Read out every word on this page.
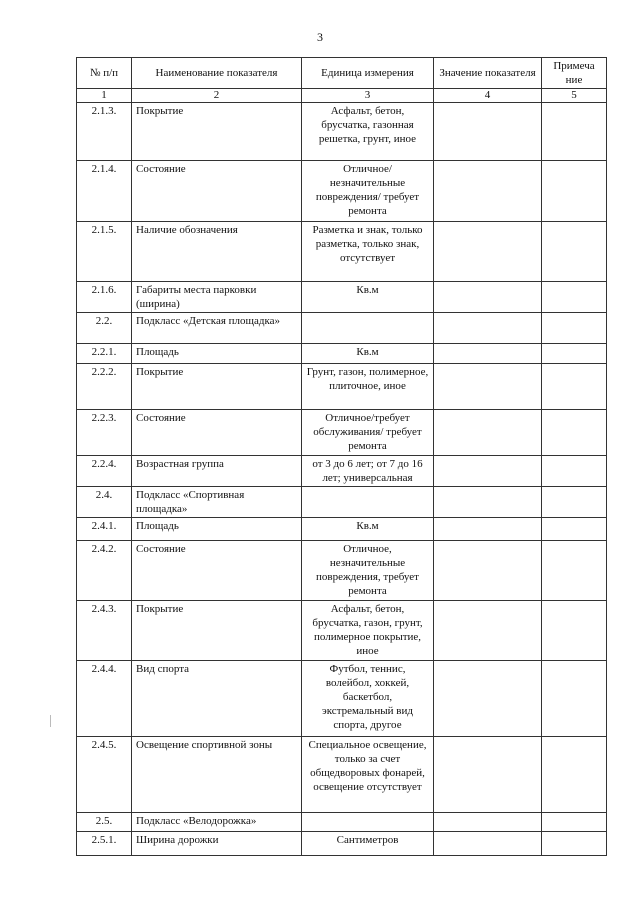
3
№ п/п	Наименование показателя	Единица измерения	Значение показателя	Примеча ние
1	2	3	4	5
2.1.3.	Покрытие	Асфальт, бетон, брусчатка, газонная решетка, грунт, иное		
2.1.4.	Состояние	Отличное/ незначительные повреждения/ требует ремонта		
2.1.5.	Наличие обозначения	Разметка и знак, только разметка, только знак, отсутствует		
2.1.6.	Габариты места парковки (ширина)	Кв.м		
2.2.	Подкласс «Детская площадка»			
2.2.1.	Площадь	Кв.м		
2.2.2.	Покрытие	Грунт, газон, полимерное, плиточное, иное		
2.2.3.	Состояние	Отличное/требует обслуживания/ требует ремонта		
2.2.4.	Возрастная группа	от 3 до 6 лет; от 7 до 16 лет; универсальная		
2.4.	Подкласс «Спортивная площадка»			
2.4.1.	Площадь	Кв.м		
2.4.2.	Состояние	Отличное, незначительные повреждения, требует ремонта		
2.4.3.	Покрытие	Асфальт, бетон, брусчатка, газон, грунт, полимерное покрытие, иное		
2.4.4.	Вид спорта	Футбол, теннис, волейбол, хоккей, баскетбол, экстремальный вид спорта, другое		
2.4.5.	Освещение спортивной зоны	Специальное освещение, только за счет общедворовых фонарей, освещение отсутствует		
2.5.	Подкласс «Велодорожка»			
2.5.1.	Ширина дорожки	Сантиметров		
